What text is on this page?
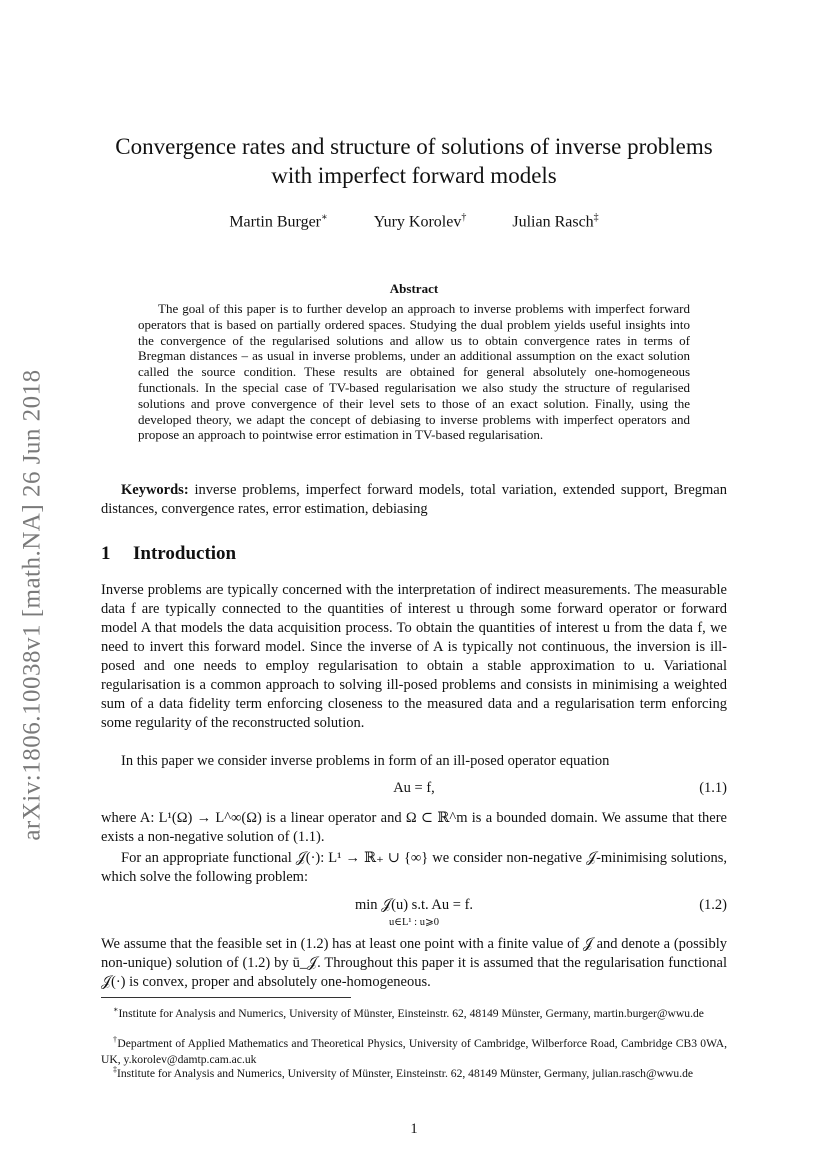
arXiv:1806.10038v1 [math.NA] 26 Jun 2018
Convergence rates and structure of solutions of inverse problems
with imperfect forward models
Martin Burger∗	Yury Korolev†	Julian Rasch‡
Abstract

The goal of this paper is to further develop an approach to inverse problems with imperfect forward operators that is based on partially ordered spaces. Studying the dual problem yields useful insights into the convergence of the regularised solutions and allow us to obtain convergence rates in terms of Bregman distances – as usual in inverse problems, under an additional assumption on the exact solution called the source condition. These results are obtained for general absolutely one-homogeneous functionals. In the special case of TV-based regularisation we also study the structure of regularised solutions and prove convergence of their level sets to those of an exact solution. Finally, using the developed theory, we adapt the concept of debiasing to inverse problems with imperfect operators and propose an approach to pointwise error estimation in TV-based regularisation.

Keywords: inverse problems, imperfect forward models, total variation, extended support, Bregman distances, convergence rates, error estimation, debiasing

1 Introduction

Inverse problems are typically concerned with the interpretation of indirect measurements. The measurable data f are typically connected to the quantities of interest u through some forward operator or forward model A that models the data acquisition process. To obtain the quantities of interest u from the data f, we need to invert this forward model. Since the inverse of A is typically not continuous, the inversion is ill-posed and one needs to employ regularisation to obtain a stable approximation to u. Variational regularisation is a common approach to solving ill-posed problems and consists in minimising a weighted sum of a data fidelity term enforcing closeness to the measured data and a regularisation term enforcing some regularity of the reconstructed solution.

In this paper we consider inverse problems in form of an ill-posed operator equation

Au = f,	(1.1)

where A: L¹(Ω) → L^∞(Ω) is a linear operator and Ω ⊂ ℝ^m is a bounded domain. We assume that there exists a non-negative solution of (1.1).

For an appropriate functional 𝒥(·): L¹ → ℝ₊ ∪ {∞} we consider non-negative 𝒥-minimising solutions, which solve the following problem:

min 𝒥(u) s.t. Au = f.
u∈L¹ : u⩾0
(1.2)

We assume that the feasible set in (1.2) has at least one point with a finite value of 𝒥 and denote a (possibly non-unique) solution of (1.2) by ū_𝒥. Throughout this paper it is assumed that the regularisation functional 𝒥(·) is convex, proper and absolutely one-homogeneous.

∗Institute for Analysis and Numerics, University of Münster, Einsteinstr. 62, 48149 Münster, Germany, martin.burger@wwu.de

†Department of Applied Mathematics and Theoretical Physics, University of Cambridge, Wilberforce Road, Cambridge CB3 0WA, UK, y.korolev@damtp.cam.ac.uk

‡Institute for Analysis and Numerics, University of Münster, Einsteinstr. 62, 48149 Münster, Germany, julian.rasch@wwu.de

1
